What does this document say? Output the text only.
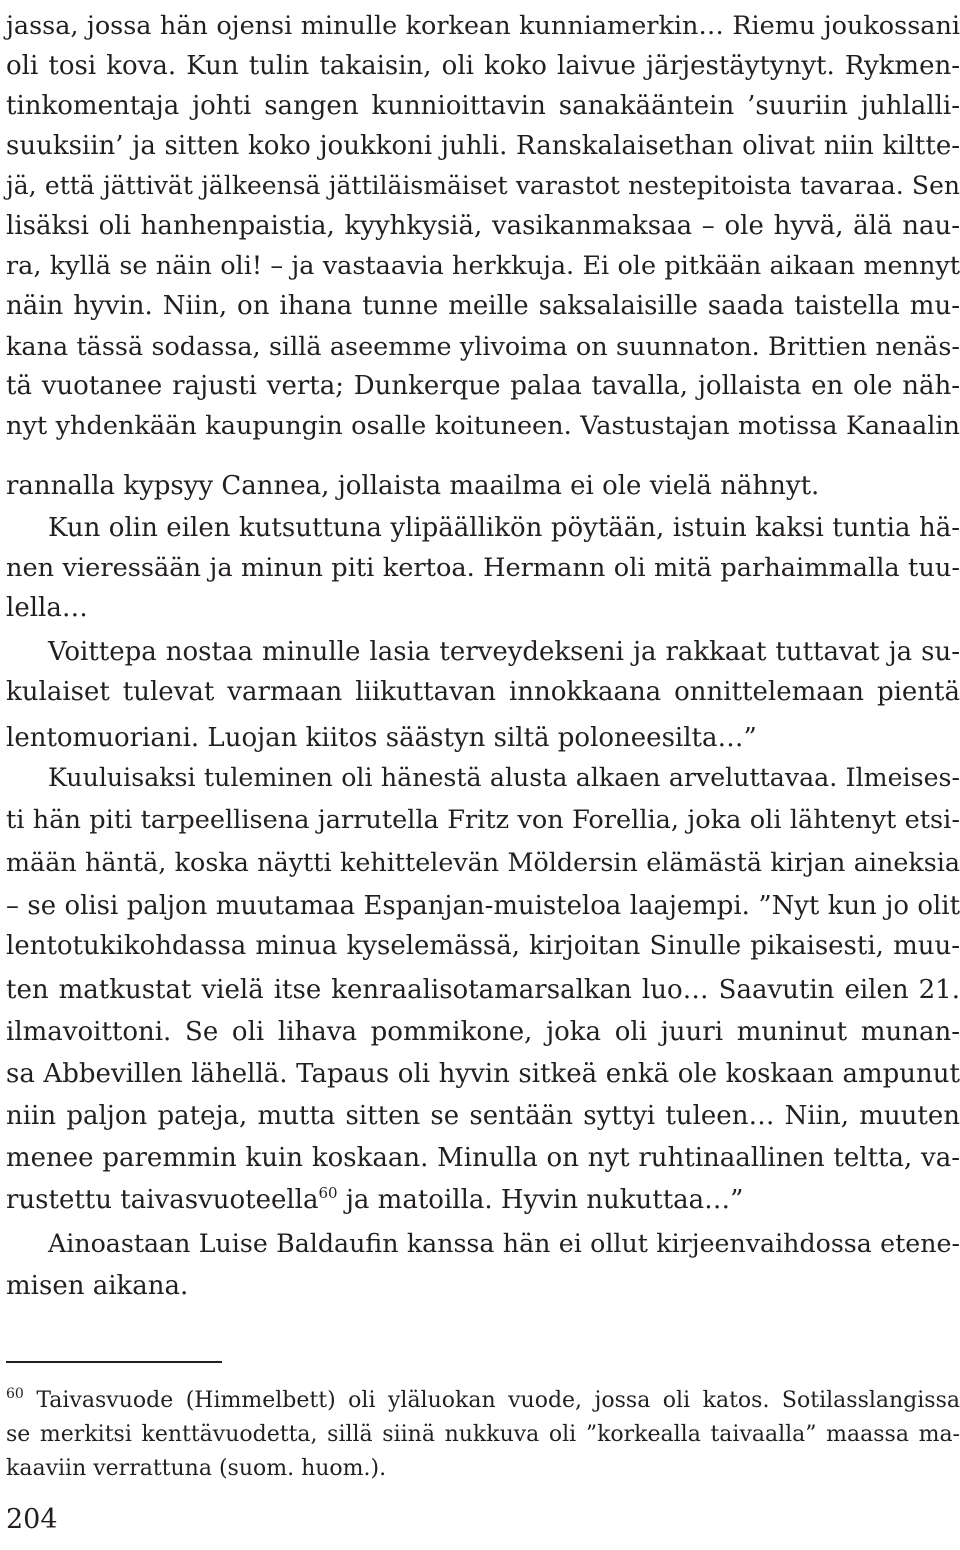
jassa, jossa hän ojensi minulle korkean kunniamerkin… Riemu joukossani
oli tosi kova. Kun tulin takaisin, oli koko laivue järjestäytynyt. Rykmen-
tinkomentaja johti sangen kunnioittavin sanakääntein ’suuriin juhlalli-
suuksiin’ ja sitten koko joukkoni juhli. Ranskalaisethan olivat niin kiltte-
jä, että jättivät jälkeensä jättiläismäiset varastot nestepitoista tavaraa. Sen
lisäksi oli hanhenpaistia, kyyhkysiä, vasikanmaksaa – ole hyvä, älä nau-
ra, kyllä se näin oli! – ja vastaavia herkkuja. Ei ole pitkään aikaan mennyt
näin hyvin. Niin, on ihana tunne meille saksalaisille saada taistella mu-
kana tässä sodassa, sillä aseemme ylivoima on suunnaton. Brittien nenäs-
tä vuotanee rajusti verta; Dunkerque palaa tavalla, jollaista en ole näh-
nyt yhdenkään kaupungin osalle koituneen. Vastustajan motissa Kanaalin
rannalla kypsyy Cannea, jollaista maailma ei ole vielä nähnyt.
Kun olin eilen kutsuttuna ylipäällikön pöytään, istuin kaksi tuntia hä-
nen vieressään ja minun piti kertoa. Hermann oli mitä parhaimmalla tuu-
lella…
Voittepa nostaa minulle lasia terveydekseni ja rakkaat tuttavat ja su-
kulaiset tulevat varmaan liikuttavan innokkaana onnittelemaan pientä
lentomuoriani. Luojan kiitos säästyn siltä poloneesilta…”
Kuuluisaksi tuleminen oli hänestä alusta alkaen arveluttavaa. Ilmeises-
ti hän piti tarpeellisena jarrutella Fritz von Forellia, joka oli lähtenyt etsi-
mään häntä, koska näytti kehittelevän Möldersin elämästä kirjan aineksia
– se olisi paljon muutamaa Espanjan-muisteloa laajempi. ”Nyt kun jo olit
lentotukikohdassa minua kyselemässä, kirjoitan Sinulle pikaisesti, muu-
ten matkustat vielä itse kenraalisotamarsalkan luo… Saavutin eilen 21.
ilmavoittoni. Se oli lihava pommikone, joka oli juuri muninut munan-
sa Abbevillen lähellä. Tapaus oli hyvin sitkeä enkä ole koskaan ampunut
niin paljon pateja, mutta sitten se sentään syttyi tuleen… Niin, muuten
menee paremmin kuin koskaan. Minulla on nyt ruhtinaallinen teltta, va-
rustettu taivasvuoteella$^{60}$ ja matoilla. Hyvin nukuttaa…”
Ainoastaan Luise Baldaufin kanssa hän ei ollut kirjeenvaihdossa etene-
misen aikana.
$^{60}$ Taivasvuode (Himmelbett) oli yläluokan vuode, jossa oli katos. Sotilasslangissa
se merkitsi kenttävuodetta, sillä siinä nukkuva oli ”korkealla taivaalla” maassa ma-
kaaviin verrattuna (suom. huom.).
204
